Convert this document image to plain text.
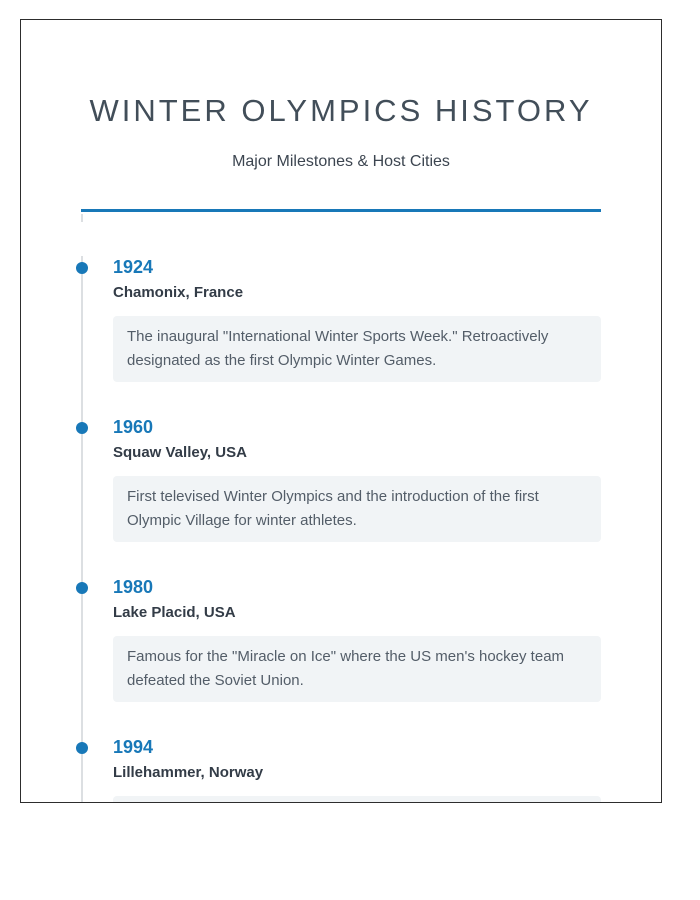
WINTER OLYMPICS HISTORY
Major Milestones & Host Cities
1924
Chamonix, France
The inaugural "International Winter Sports Week." Retroactively designated as the first Olympic Winter Games.
1960
Squaw Valley, USA
First televised Winter Olympics and the introduction of the first Olympic Village for winter athletes.
1980
Lake Placid, USA
Famous for the "Miracle on Ice" where the US men's hockey team defeated the Soviet Union.
1994
Lillehammer, Norway
